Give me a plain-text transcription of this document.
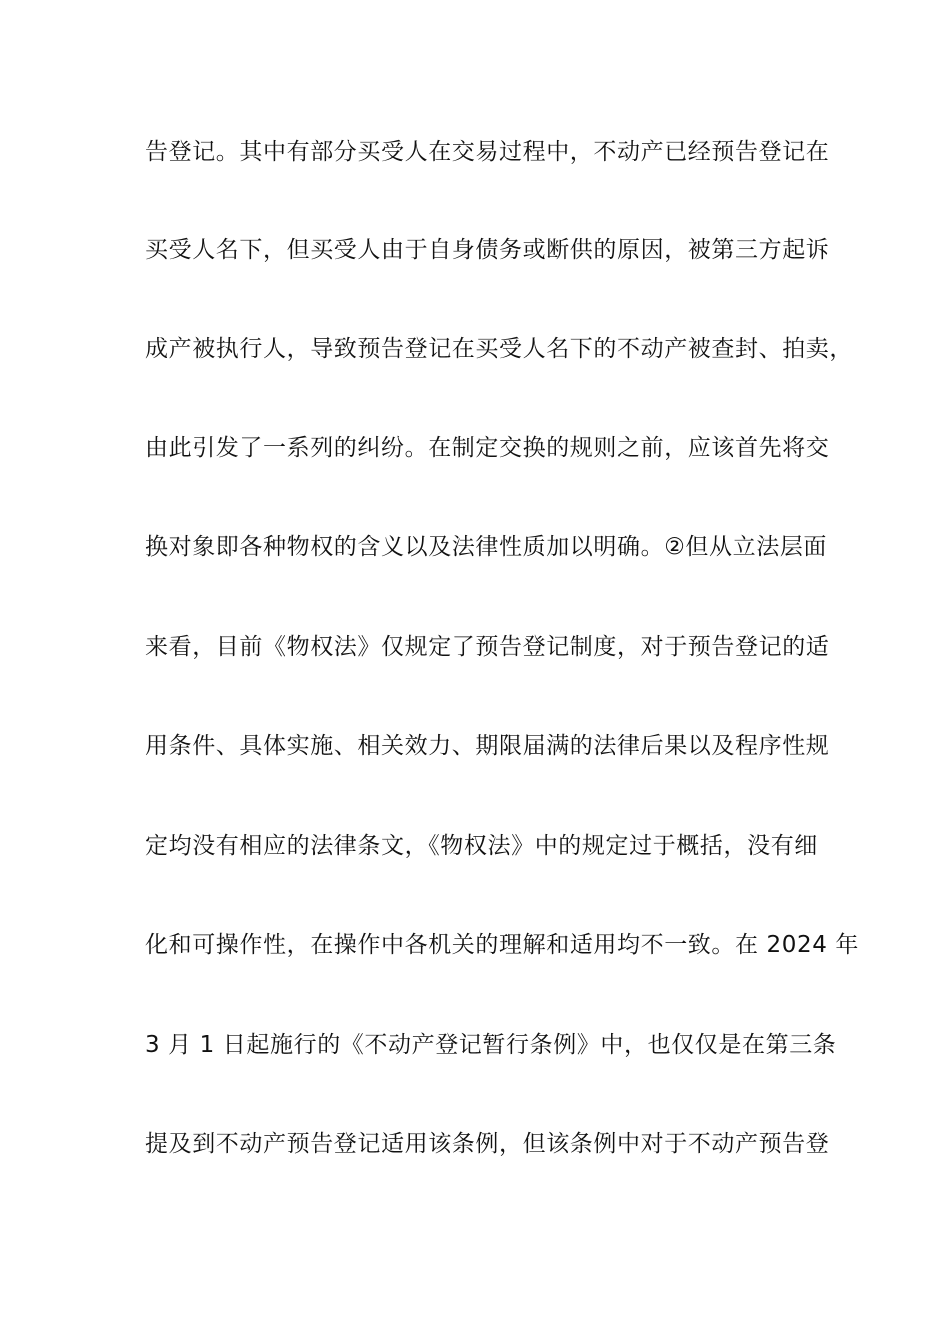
告登记。其中有部分买受人在交易过程中，不动产已经预告登记在
买受人名下，但买受人由于自身债务或断供的原因，被第三方起诉
成产被执行人，导致预告登记在买受人名下的不动产被查封、拍卖，
由此引发了一系列的纠纷。在制定交换的规则之前，应该首先将交
换对象即各种物权的含义以及法律性质加以明确。②但从立法层面
来看，目前《物权法》仅规定了预告登记制度，对于预告登记的适
用条件、具体实施、相关效力、期限届满的法律后果以及程序性规
定均没有相应的法律条文，《物权法》中的规定过于概括，没有细
化和可操作性，在操作中各机关的理解和适用均不一致。在 2024 年
3 月 1 日起施行的《不动产登记暂行条例》中，也仅仅是在第三条
提及到不动产预告登记适用该条例，但该条例中对于不动产预告登
